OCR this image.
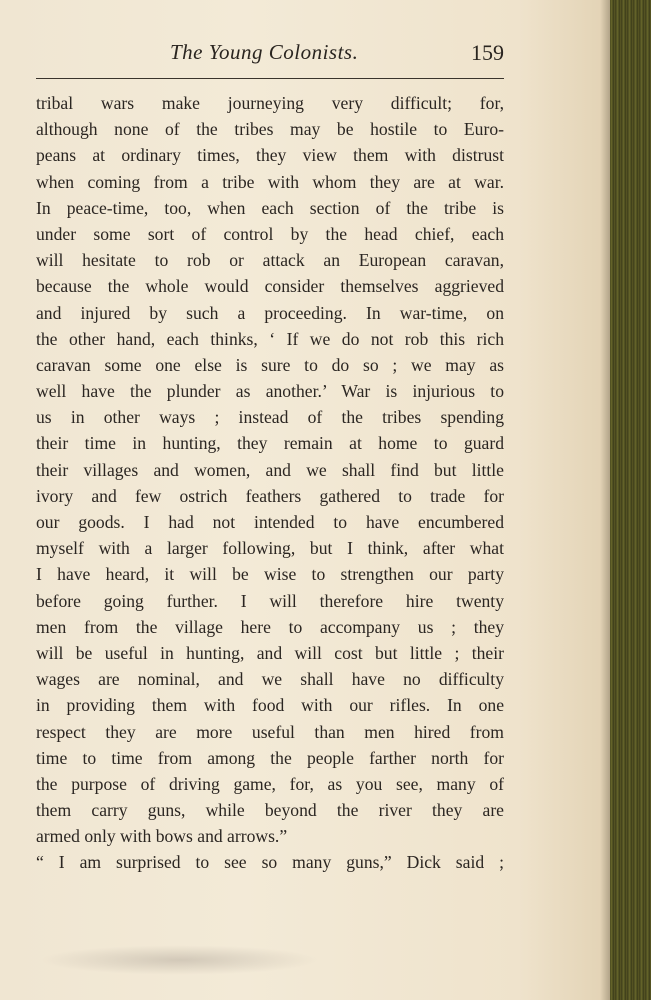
The Young Colonists.	159
tribal wars make journeying very difficult; for,
although none of the tribes may be hostile to Euro-
peans at ordinary times, they view them with distrust
when coming from a tribe with whom they are at war.
In peace-time, too, when each section of the tribe is
under some sort of control by the head chief, each
will hesitate to rob or attack an European caravan,
because the whole would consider themselves aggrieved
and injured by such a proceeding. In war-time, on
the other hand, each thinks, ‘ If we do not rob this rich
caravan some one else is sure to do so ; we may as
well have the plunder as another.’ War is injurious to
us in other ways ; instead of the tribes spending
their time in hunting, they remain at home to guard
their villages and women, and we shall find but little
ivory and few ostrich feathers gathered to trade for
our goods. I had not intended to have encumbered
myself with a larger following, but I think, after what
I have heard, it will be wise to strengthen our party
before going further. I will therefore hire twenty
men from the village here to accompany us ; they
will be useful in hunting, and will cost but little ; their
wages are nominal, and we shall have no difficulty
in providing them with food with our rifles. In one
respect they are more useful than men hired from
time to time from among the people farther north for
the purpose of driving game, for, as you see, many of
them carry guns, while beyond the river they are
armed only with bows and arrows.”
“ I am surprised to see so many guns,” Dick said ;
